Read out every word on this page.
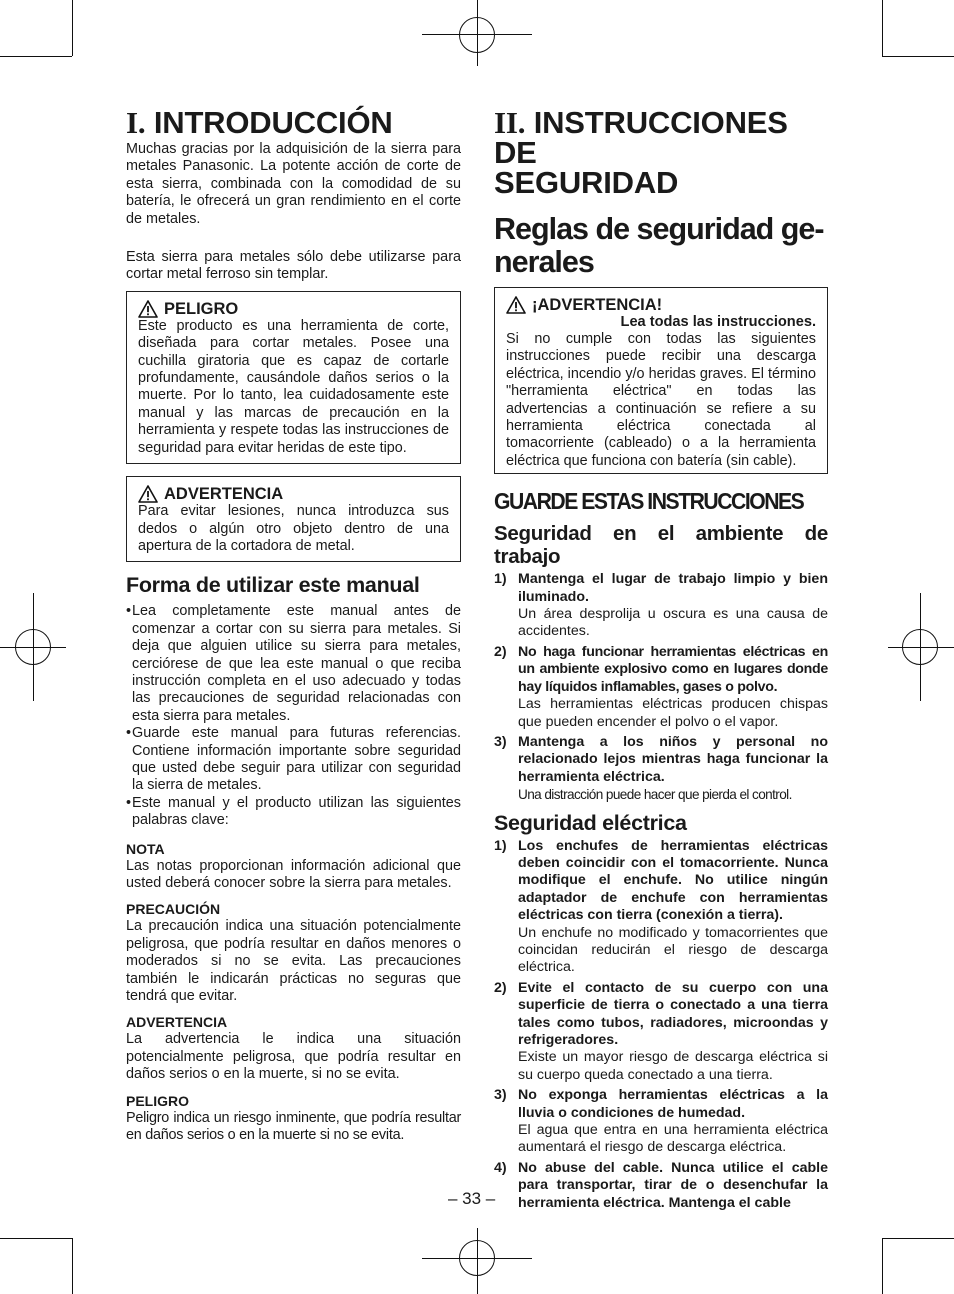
I. INTRODUCCIÓN

Muchas gracias por la adquisición de la sierra para metales Panasonic. La potente acción de corte de esta sierra, combinada con la comodidad de su batería, le ofrecerá un gran rendimiento en el corte de metales.

Esta sierra para metales sólo debe utilizarse para cortar metal ferroso sin templar.

PELIGRO

Este producto es una herramienta de corte, diseñada para cortar metales. Posee una cuchilla giratoria que es capaz de cortarle profundamente, causándole daños serios o la muerte. Por lo tanto, lea cuidadosamente este manual y las marcas de precaución en la herramienta y respete todas las instrucciones de seguridad para evitar heridas de este tipo.

ADVERTENCIA

Para evitar lesiones, nunca introduzca sus dedos o algún otro objeto dentro de una apertura de la cortadora de metal.

Forma de utilizar este manual
• Lea completamente este manual antes de comenzar a cortar con su sierra para metales. Si deja que alguien utilice su sierra para metales, cerciórese de que lea este manual o que reciba instrucción completa en el uso adecuado y todas las precauciones de seguridad relacionadas con esta sierra para metales.
• Guarde este manual para futuras referencias. Contiene información importante sobre seguridad que usted debe seguir para utilizar con seguridad la sierra de metales.
• Este manual y el producto utilizan las siguientes palabras clave:
NOTA

Las notas proporcionan información adicional que usted deberá conocer sobre la sierra para metales.

PRECAUCIÓN

La precaución indica una situación potencialmente peligrosa, que podría resultar en daños menores o moderados si no se evita. Las precauciones también le indicarán prácticas no seguras que tendrá que evitar.

ADVERTENCIA

La advertencia le indica una situación potencialmente peligrosa, que podría resultar en daños serios o en la muerte, si no se evita.

PELIGRO

Peligro indica un riesgo inminente, que podría resultar en daños serios o en la muerte si no se evita.

II. INSTRUCCIONES DE
SEGURIDAD
Reglas de seguridad ge-
nerales
¡ADVERTENCIA!
Lea todas las instrucciones.

Si no cumple con todas las siguientes instrucciones puede recibir una descarga eléctrica, incendio y/o heridas graves. El término "herramienta eléctrica" en todas las advertencias a continuación se refiere a su herramienta eléctrica conectada al tomacorriente (cableado) o a la herramienta eléctrica que funciona con batería (sin cable).

GUARDE ESTAS INSTRUCCIONES
Seguridad en el ambiente de trabajo
1) Mantenga el lugar de trabajo limpio y bien iluminado.
Un área desprolija u oscura es una causa de accidentes.
2) No haga funcionar herramientas eléctricas en un ambiente explosivo como en lugares donde hay líquidos inflamables, gases o polvo.
Las herramientas eléctricas producen chispas que pueden encender el polvo o el vapor.
3) Mantenga a los niños y personal no relacionado lejos mientras haga funcionar la herramienta eléctrica.
Una distracción puede hacer que pierda el control.
Seguridad eléctrica
1) Los enchufes de herramientas eléctricas deben coincidir con el tomacorriente. Nunca modifique el enchufe. No utilice ningún adaptador de enchufe con herramientas eléctricas con tierra (conexión a tierra).
Un enchufe no modificado y tomacorrientes que coincidan reducirán el riesgo de descarga eléctrica.
2) Evite el contacto de su cuerpo con una superficie de tierra o conectado a una tierra tales como tubos, radiadores, microondas y refrigeradores.
Existe un mayor riesgo de descarga eléctrica si su cuerpo queda conectado a una tierra.
3) No exponga herramientas eléctricas a la lluvia o condiciones de humedad.
El agua que entra en una herramienta eléctrica aumentará el riesgo de descarga eléctrica.
4) No abuse del cable. Nunca utilice el cable para transportar, tirar de o desenchufar la herramienta eléctrica. Mantenga el cable
– 33 –
